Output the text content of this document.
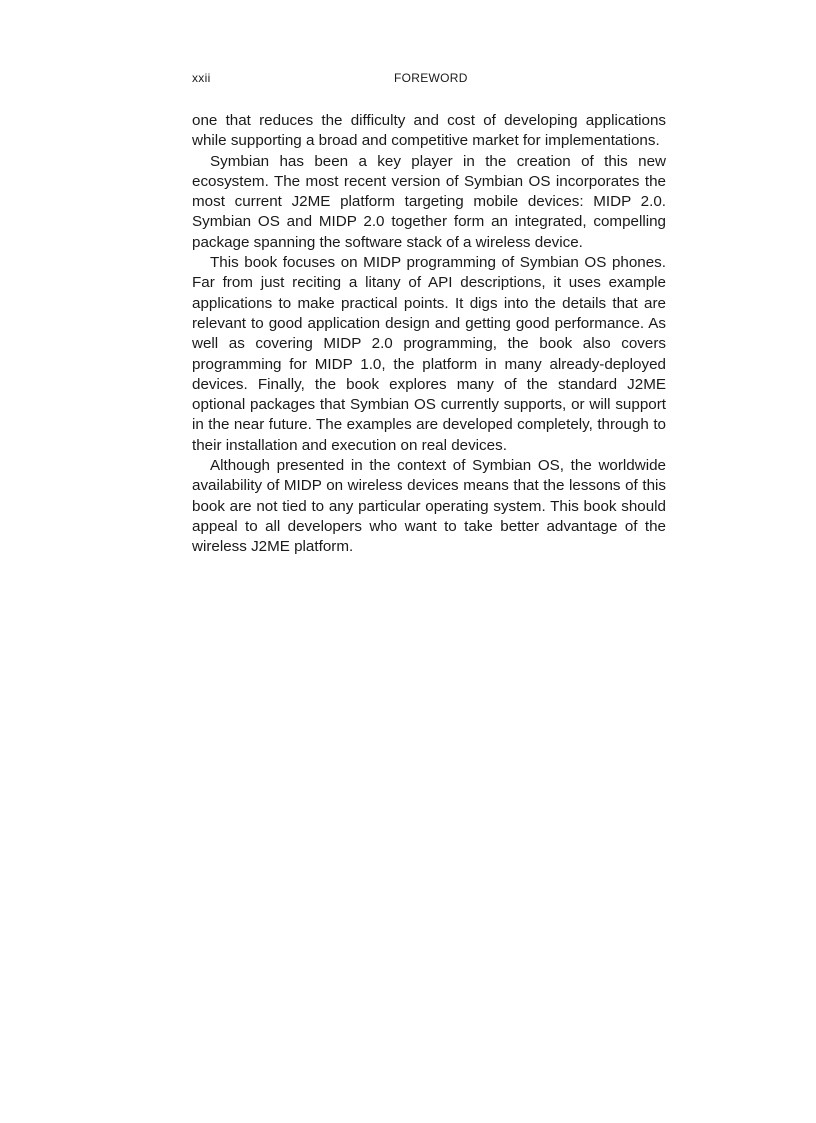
xxii	FOREWORD

one that reduces the difficulty and cost of developing applications while supporting a broad and competitive market for implementations.

Symbian has been a key player in the creation of this new ecosystem. The most recent version of Symbian OS incorporates the most current J2ME platform targeting mobile devices: MIDP 2.0. Symbian OS and MIDP 2.0 together form an integrated, compelling package spanning the software stack of a wireless device.

This book focuses on MIDP programming of Symbian OS phones. Far from just reciting a litany of API descriptions, it uses example applications to make practical points. It digs into the details that are relevant to good application design and getting good performance. As well as covering MIDP 2.0 programming, the book also covers programming for MIDP 1.0, the platform in many already-deployed devices. Finally, the book explores many of the standard J2ME optional packages that Symbian OS currently supports, or will support in the near future. The examples are developed completely, through to their installation and execution on real devices.

Although presented in the context of Symbian OS, the worldwide availability of MIDP on wireless devices means that the lessons of this book are not tied to any particular operating system. This book should appeal to all developers who want to take better advantage of the wireless J2ME platform.
